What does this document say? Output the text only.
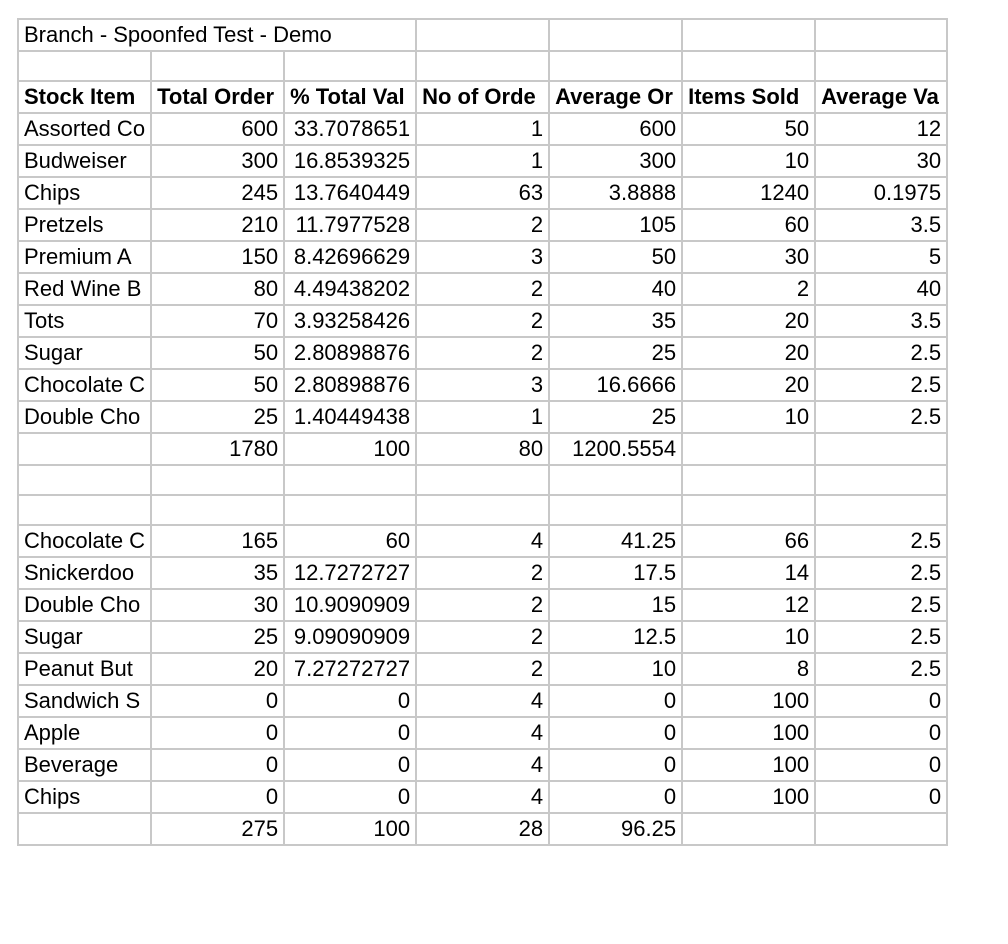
Branch - Spoonfed Test - Demo						

Stock Item	Total Order	% Total Val	No of Orde	Average Or	Items Sold	Average Va
Assorted Co	600	33.7078651	1	600	50	12
Budweiser	300	16.8539325	1	300	10	30
Chips	245	13.7640449	63	3.8888	1240	0.1975
Pretzels	210	11.7977528	2	105	60	3.5
Premium A	150	8.42696629	3	50	30	5
Red Wine B	80	4.49438202	2	40	2	40
Tots	70	3.93258426	2	35	20	3.5
Sugar	50	2.80898876	2	25	20	2.5
Chocolate C	50	2.80898876	3	16.6666	20	2.5
Double Cho	25	1.40449438	1	25	10	2.5
	1780	100	80	1200.5554		

Chocolate C	165	60	4	41.25	66	2.5
Snickerdoo	35	12.7272727	2	17.5	14	2.5
Double Cho	30	10.9090909	2	15	12	2.5
Sugar	25	9.09090909	2	12.5	10	2.5
Peanut But	20	7.27272727	2	10	8	2.5
Sandwich S	0	0	4	0	100	0
Apple	0	0	4	0	100	0
Beverage	0	0	4	0	100	0
Chips	0	0	4	0	100	0
	275	100	28	96.25		
